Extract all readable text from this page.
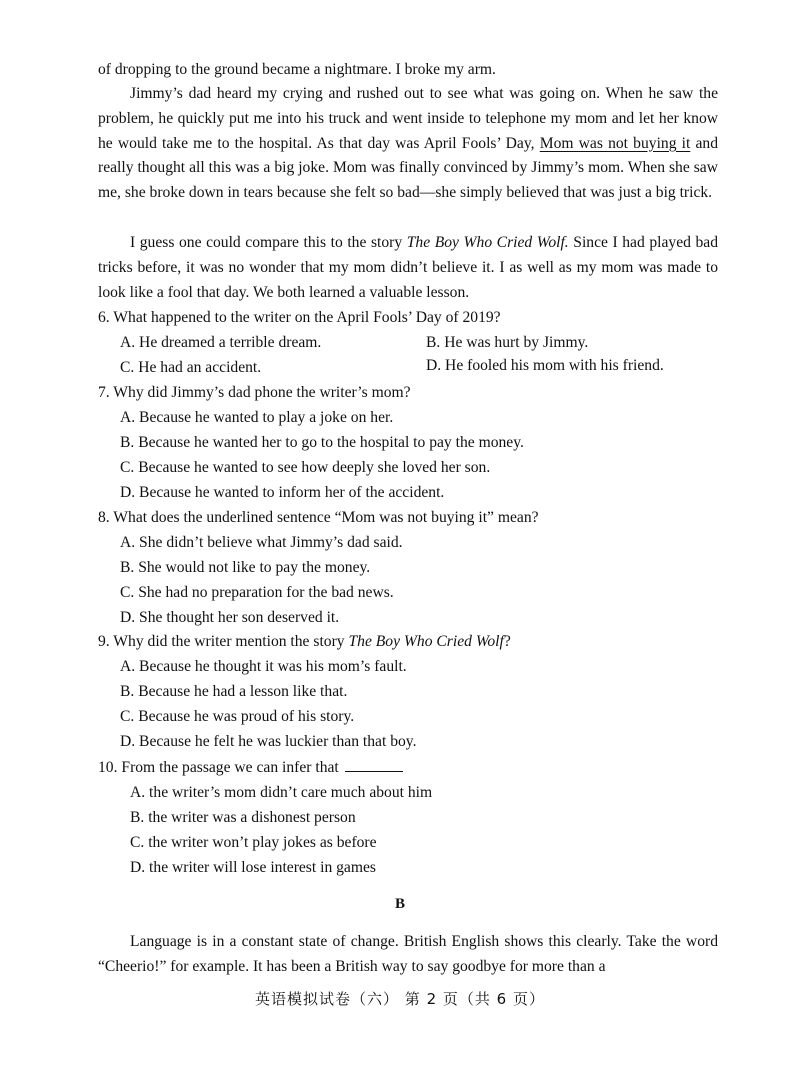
of dropping to the ground became a nightmare. I broke my arm.
Jimmy’s dad heard my crying and rushed out to see what was going on. When he saw the problem, he quickly put me into his truck and went inside to telephone my mom and let her know he would take me to the hospital. As that day was April Fools’ Day, Mom was not buying it and really thought all this was a big joke. Mom was finally convinced by Jimmy’s mom. When she saw me, she broke down in tears because she felt so bad—she simply believed that was just a big trick.
I guess one could compare this to the story The Boy Who Cried Wolf. Since I had played bad tricks before, it was no wonder that my mom didn’t believe it. I as well as my mom was made to look like a fool that day. We both learned a valuable lesson.
6. What happened to the writer on the April Fools’ Day of 2019?
A. He dreamed a terrible dream.	B. He was hurt by Jimmy.
C. He had an accident.	D. He fooled his mom with his friend.
7. Why did Jimmy’s dad phone the writer’s mom?
A. Because he wanted to play a joke on her.
B. Because he wanted her to go to the hospital to pay the money.
C. Because he wanted to see how deeply she loved her son.
D. Because he wanted to inform her of the accident.
8. What does the underlined sentence “Mom was not buying it” mean?
A. She didn’t believe what Jimmy’s dad said.
B. She would not like to pay the money.
C. She had no preparation for the bad news.
D. She thought her son deserved it.
9. Why did the writer mention the story The Boy Who Cried Wolf?
A. Because he thought it was his mom’s fault.
B. Because he had a lesson like that.
C. Because he was proud of his story.
D. Because he felt he was luckier than that boy.
10. From the passage we can infer that
A. the writer’s mom didn’t care much about him
B. the writer was a dishonest person
C. the writer won’t play jokes as before
D. the writer will lose interest in games
B
Language is in a constant state of change. British English shows this clearly. Take the word “Cheerio!” for example. It has been a British way to say goodbye for more than a
英语模拟试卷（六） 第 2 页（共 6 页）
